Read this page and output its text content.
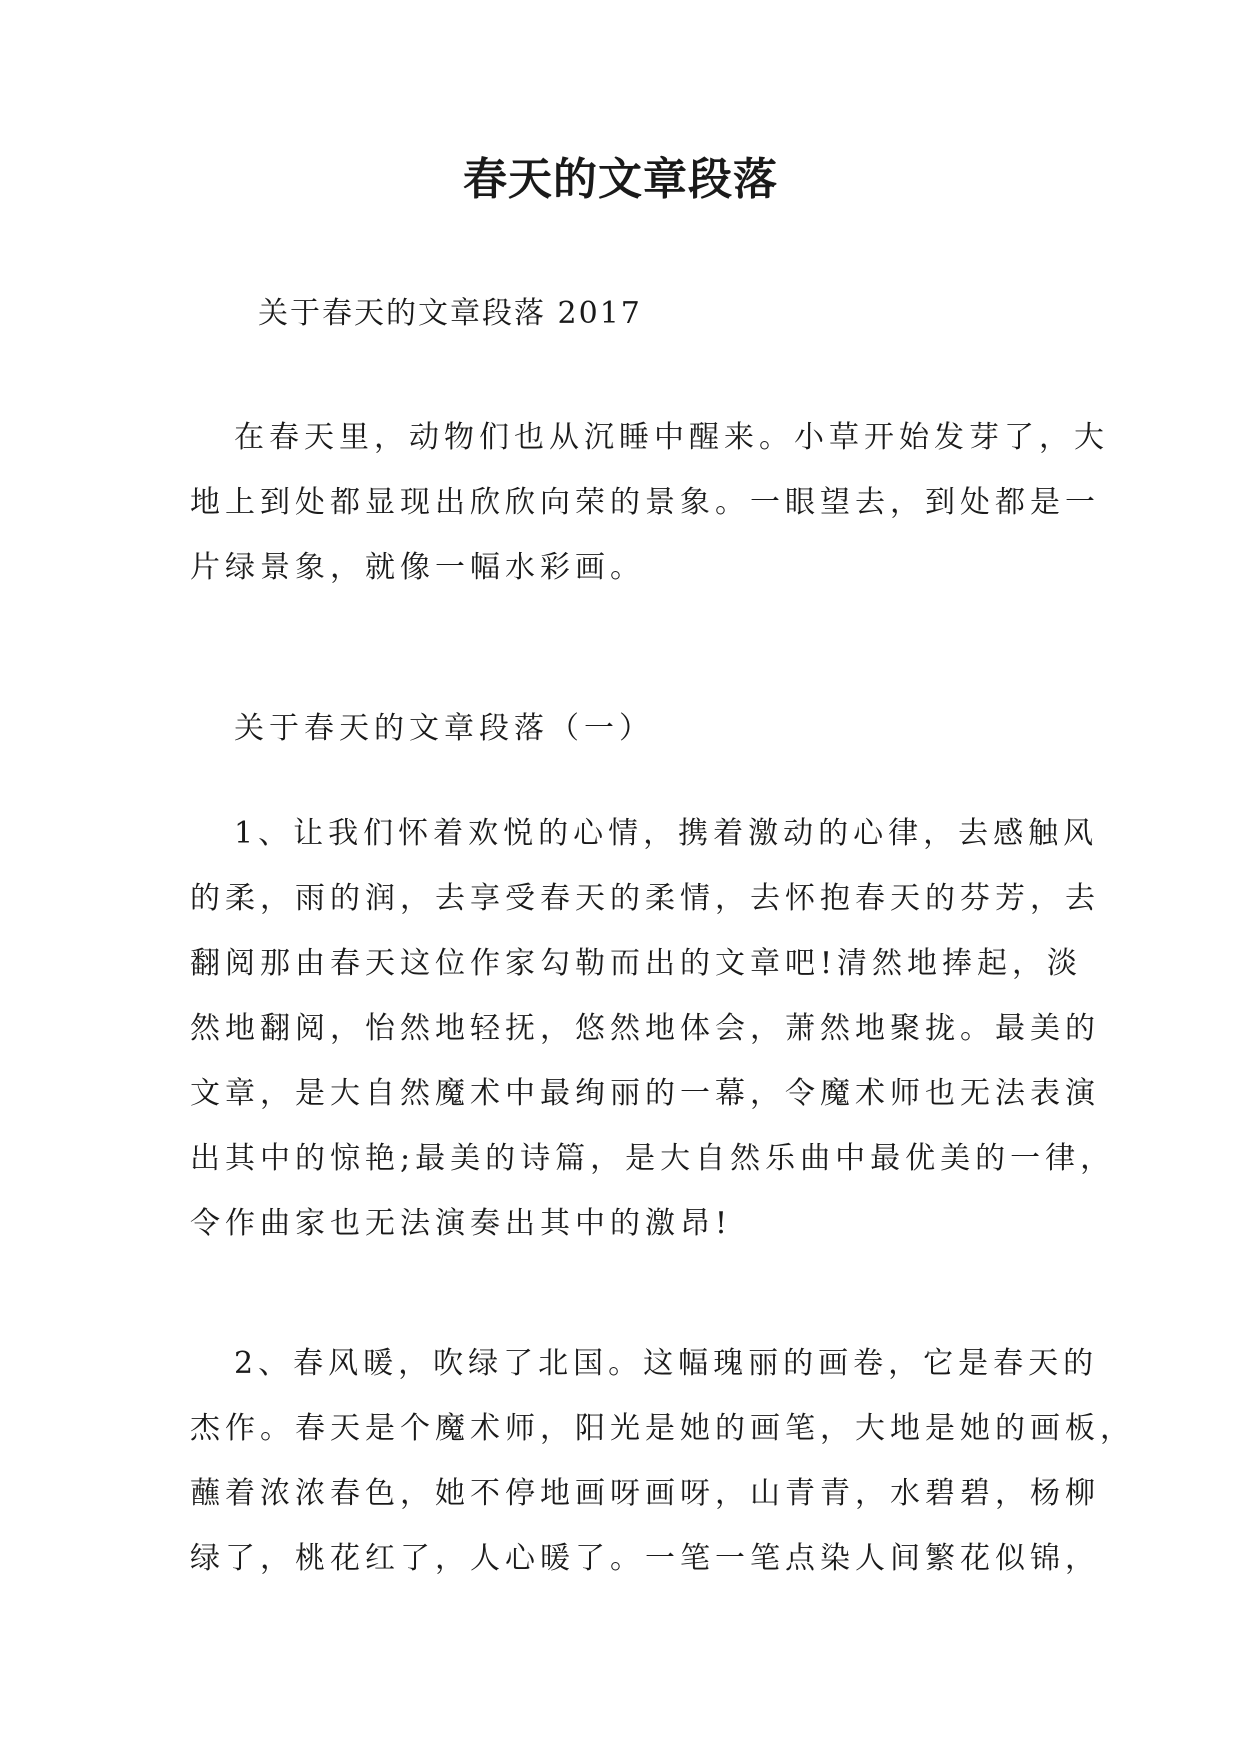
春天的文章段落

关于春天的文章段落 2017

在春天里，动物们也从沉睡中醒来。小草开始发芽了，大
地上到处都显现出欣欣向荣的景象。一眼望去，到处都是一
片绿景象，就像一幅水彩画。
关于春天的文章段落（一）
1、让我们怀着欢悦的心情，携着激动的心律，去感触风
的柔，雨的润，去享受春天的柔情，去怀抱春天的芬芳，去
翻阅那由春天这位作家勾勒而出的文章吧!清然地捧起，淡
然地翻阅，怡然地轻抚，悠然地体会，萧然地聚拢。最美的
文章，是大自然魔术中最绚丽的一幕，令魔术师也无法表演
出其中的惊艳;最美的诗篇，是大自然乐曲中最优美的一律，
令作曲家也无法演奏出其中的激昂!
2、春风暖，吹绿了北国。这幅瑰丽的画卷，它是春天的
杰作。春天是个魔术师，阳光是她的画笔，大地是她的画板，
蘸着浓浓春色，她不停地画呀画呀，山青青，水碧碧，杨柳
绿了，桃花红了，人心暖了。一笔一笔点染人间繁花似锦，
